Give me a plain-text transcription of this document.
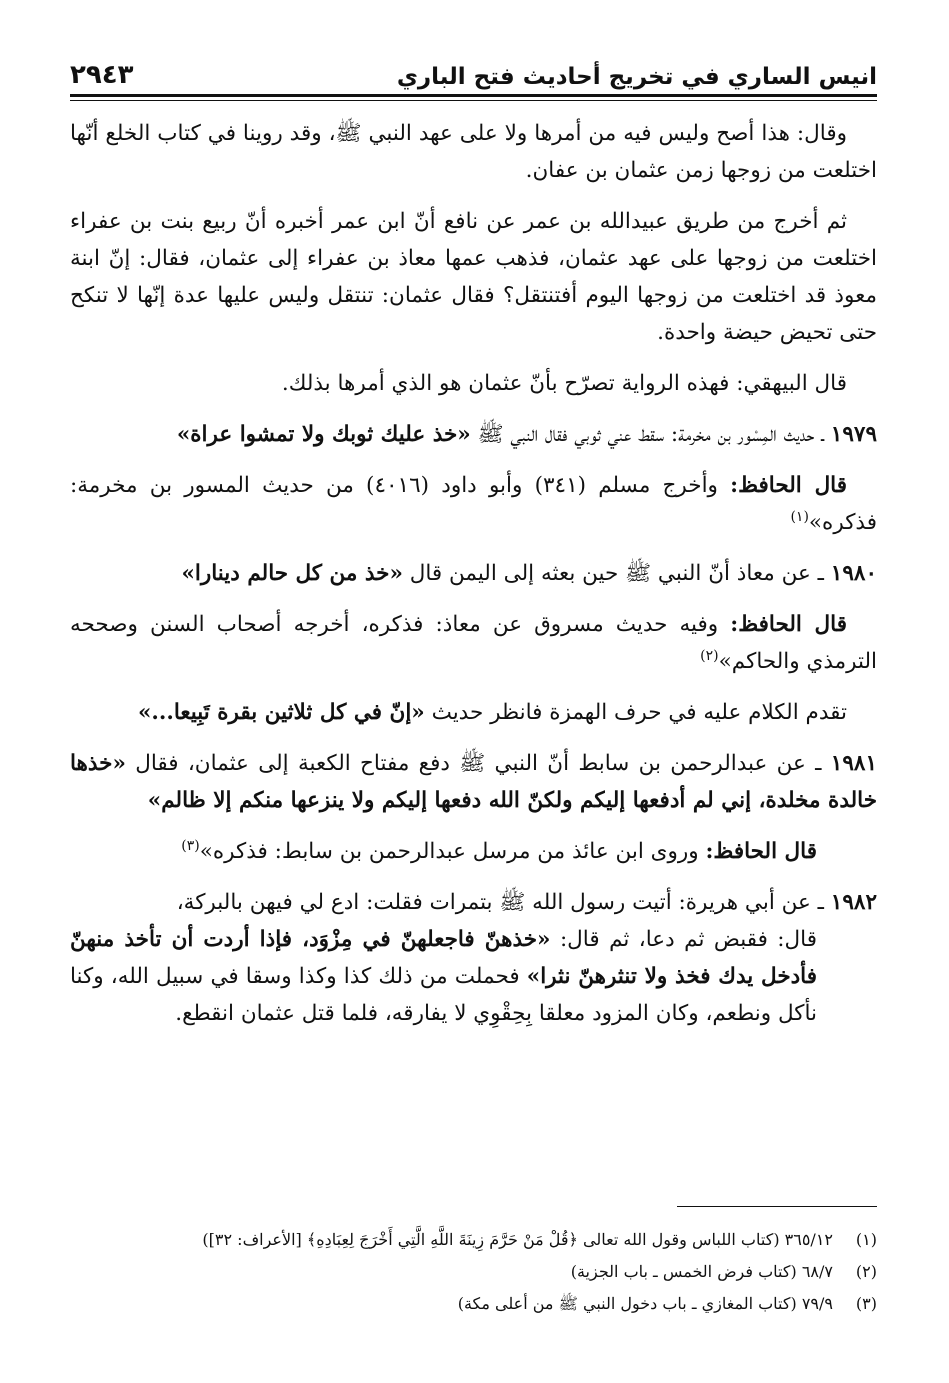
انيس الساري في تخريج أحاديث فتح الباري
٢٩٤٣

وقال: هذا أصح وليس فيه من أمرها ولا على عهد النبي ﷺ، وقد روينا في كتاب الخلع أنّها اختلعت من زوجها زمن عثمان بن عفان.

ثم أخرج من طريق عبيدالله بن عمر عن نافع أنّ ابن عمر أخبره أنّ ربيع بنت بن عفراء اختلعت من زوجها على عهد عثمان، فذهب عمها معاذ بن عفراء إلى عثمان، فقال: إنّ ابنة معوذ قد اختلعت من زوجها اليوم أفتنتقل؟ فقال عثمان: تنتقل وليس عليها عدة إنّها لا تنكح حتى تحيض حيضة واحدة.

قال البيهقي: فهذه الرواية تصرّح بأنّ عثمان هو الذي أمرها بذلك.

١٩٧٩ ـ حديث المِسْور بن مخرمة: سقط عني ثوبي فقال النبي ﷺ «خذ عليك ثوبك ولا تمشوا عراة»

قال الحافظ: وأخرج مسلم (٣٤١) وأبو داود (٤٠١٦) من حديث المسور بن مخرمة: فذكره»$^{(١)}$

١٩٨٠ ـ عن معاذ أنّ النبي ﷺ حين بعثه إلى اليمن قال «خذ من كل حالم دينارا»

قال الحافظ: وفيه حديث مسروق عن معاذ: فذكره، أخرجه أصحاب السنن وصححه الترمذي والحاكم»$^{(٢)}$

تقدم الكلام عليه في حرف الهمزة فانظر حديث «إنّ في كل ثلاثين بقرة تَبِيعا...»

١٩٨١ ـ عن عبدالرحمن بن سابط أنّ النبي ﷺ دفع مفتاح الكعبة إلى عثمان، فقال «خذها خالدة مخلدة، إني لم أدفعها إليكم ولكنّ الله دفعها إليكم ولا ينزعها منكم إلا ظالم»

قال الحافظ: وروى ابن عائذ من مرسل عبدالرحمن بن سابط: فذكره»$^{(٣)}$

١٩٨٢ ـ عن أبي هريرة: أتيت رسول الله ﷺ بتمرات فقلت: ادع لي فيهن بالبركة،
قال: فقبض ثم دعا، ثم قال: «خذهنّ فاجعلهنّ في مِزْوَد، فإذا أردت أن تأخذ منهنّ فأدخل يدك فخذ ولا تنثرهنّ نثرا» فحملت من ذلك كذا وكذا وسقا في سبيل الله، وكنا نأكل ونطعم، وكان المزود معلقا بِحِقْوِي لا يفارقه، فلما قتل عثمان انقطع.

(١)
٣٦٥/١٢ (كتاب اللباس وقول الله تعالى ﴿قُلْ مَنْ حَرَّمَ زِينَةَ اللَّهِ الَّتِي أَخْرَجَ لِعِبَادِهِ﴾ [الأعراف: ٣٢])
(٢)
٦٨/٧ (كتاب فرض الخمس ـ باب الجزية)
(٣)
٧٩/٩ (كتاب المغازي ـ باب دخول النبي ﷺ من أعلى مكة)
